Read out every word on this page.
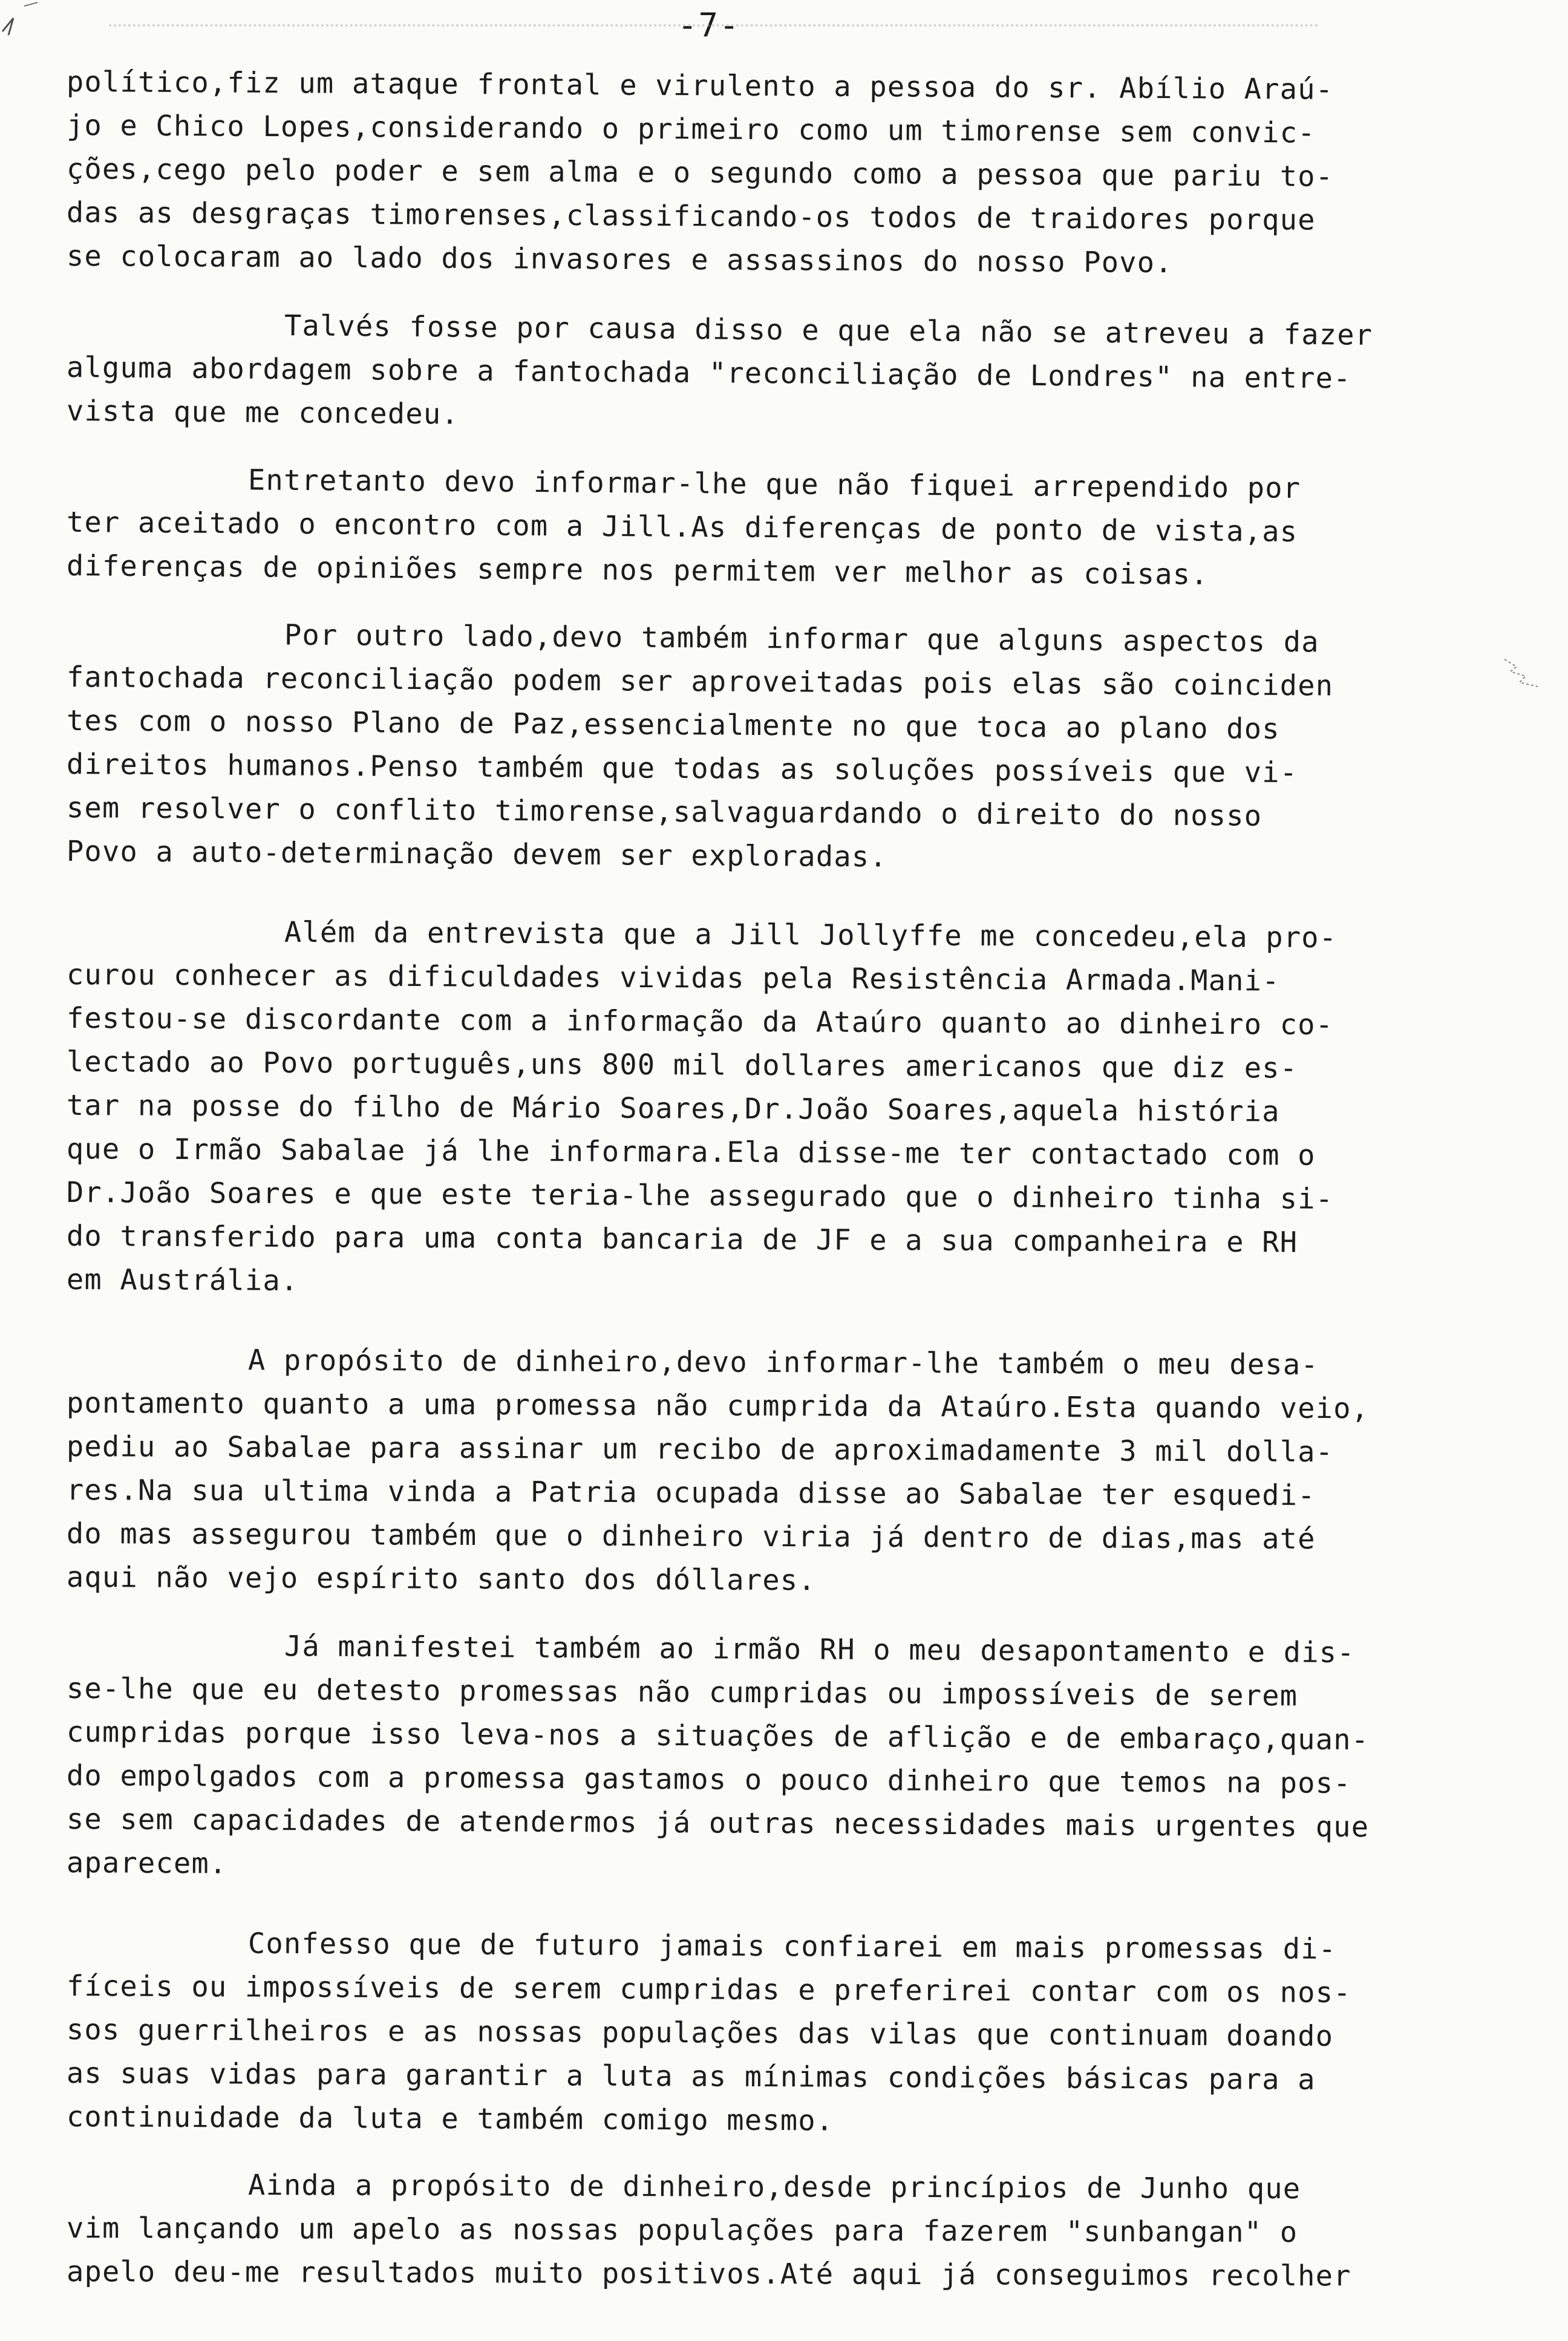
-7-
político,fiz um ataque frontal e virulento a pessoa do sr. Abílio Araú-
jo e Chico Lopes,considerando o primeiro como um timorense sem convic-
ções,cego pelo poder e sem alma e o segundo como a pessoa que pariu to-
das as desgraças timorenses,classificando-os todos de traidores porque
se colocaram ao lado dos invasores e assassinos do nosso Povo.
Talvés fosse por causa disso e que ela não se atreveu a fazer
alguma abordagem sobre a fantochada "reconciliação de Londres" na entre-
vista que me concedeu.
Entretanto devo informar-lhe que não fiquei arrependido por
ter aceitado o encontro com a Jill.As diferenças de ponto de vista,as
diferenças de opiniões sempre nos permitem ver melhor as coisas.
Por outro lado,devo também informar que alguns aspectos da
fantochada reconciliação podem ser aproveitadas pois elas são coinciden
tes com o nosso Plano de Paz,essencialmente no que toca ao plano dos
direitos humanos.Penso também que todas as soluções possíveis que vi-
sem resolver o conflito timorense,salvaguardando o direito do nosso
Povo a auto-determinação devem ser exploradas.
Além da entrevista que a Jill Jollyffe me concedeu,ela pro-
curou conhecer as dificuldades vividas pela Resistência Armada.Mani-
festou-se discordante com a informação da Ataúro quanto ao dinheiro co-
lectado ao Povo português,uns 800 mil dollares americanos que diz es-
tar na posse do filho de Mário Soares,Dr.João Soares,aquela história
que o Irmão Sabalae já lhe informara.Ela disse-me ter contactado com o
Dr.João Soares e que este teria-lhe assegurado que o dinheiro tinha si-
do transferido para uma conta bancaria de JF e a sua companheira e RH
em Austrália.
A propósito de dinheiro,devo informar-lhe também o meu desa-
pontamento quanto a uma promessa não cumprida da Ataúro.Esta quando veio,
pediu ao Sabalae para assinar um recibo de aproximadamente 3 mil dolla-
res.Na sua ultima vinda a Patria ocupada disse ao Sabalae ter esquedi-
do mas assegurou também que o dinheiro viria já dentro de dias,mas até
aqui não vejo espírito santo dos dóllares.
Já manifestei também ao irmão RH o meu desapontamento e dis-
se-lhe que eu detesto promessas não cumpridas ou impossíveis de serem
cumpridas porque isso leva-nos a situações de aflição e de embaraço,quan-
do empolgados com a promessa gastamos o pouco dinheiro que temos na pos-
se sem capacidades de atendermos já outras necessidades mais urgentes que
aparecem.
Confesso que de futuro jamais confiarei em mais promessas di-
fíceis ou impossíveis de serem cumpridas e preferirei contar com os nos-
sos guerrilheiros e as nossas populações das vilas que continuam doando
as suas vidas para garantir a luta as mínimas condições básicas para a
continuidade da luta e também comigo mesmo.
Ainda a propósito de dinheiro,desde princípios de Junho que
vim lançando um apelo as nossas populações para fazerem "sunbangan" o
apelo deu-me resultados muito positivos.Até aqui já conseguimos recolher
